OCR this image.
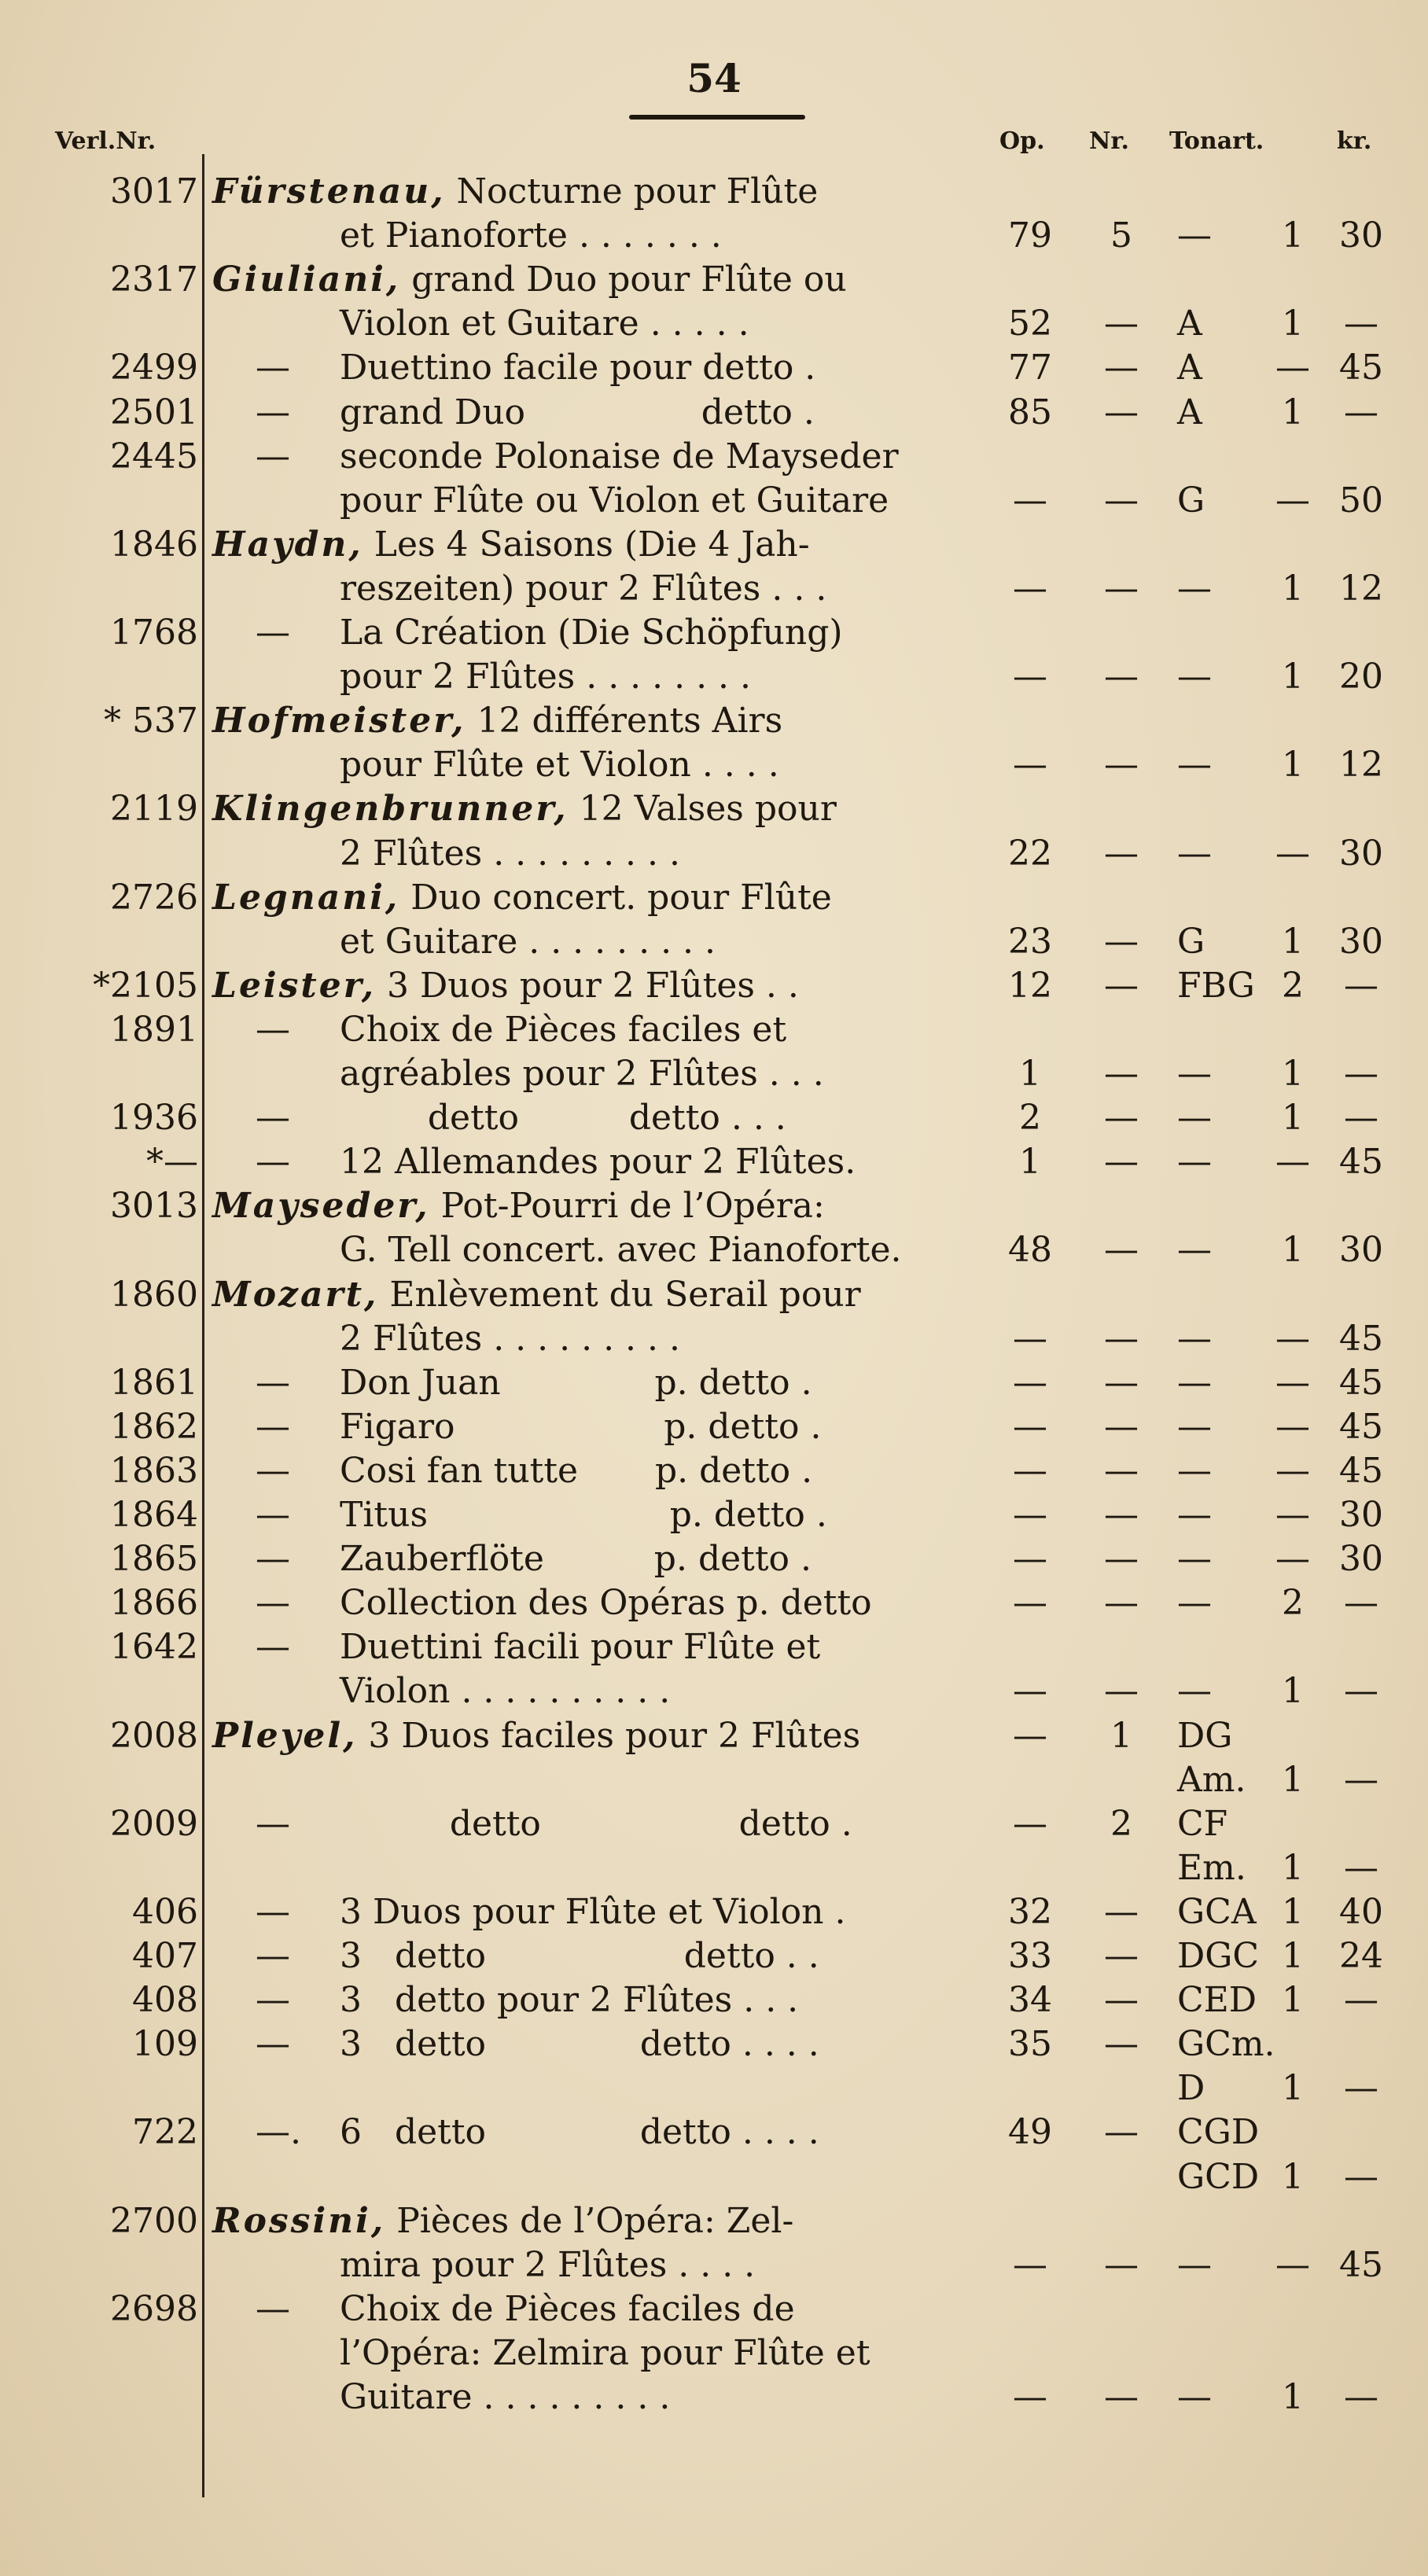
54
Verl.Nr.	Op. Nr. Tonart.	kr.
3017 Fürstenau, Nocturne pour Flûte
et Pianoforte . . . . . . .	79	5	—	1	30
2317 Giuliani, grand Duo pour Flûte ou
Violon et Guitare . . . . .	52	—	A	1	—
2499 — Duettino facile pour detto .	77	—	A	— 45
2501 — grand Duo                detto .	85	—	A	1	—
2445 — seconde Polonaise de Mayseder
pour Flûte ou Violon et Guitare	—	—	G	— 50
1846 Haydn, Les 4 Saisons (Die 4 Jah-
reszeiten) pour 2 Flûtes . . .	—	—	—	1	12
1768 — La Création (Die Schöpfung)
pour 2 Flûtes . . . . . . . .	—	—	—	1	20
* 537 Hofmeister, 12 différents Airs
pour Flûte et Violon . . . .	—	—	—	1	12
2119 Klingenbrunner, 12 Valses pour
2 Flûtes . . . . . . . . .	22	—	—	— 30
2726 Legnani, Duo concert. pour Flûte
et Guitare . . . . . . . . .	23	—	G	1	30
*2105 Leister, 3 Duos pour 2 Flûtes . .	12	—	FBG 2	—
1891 — Choix de Pièces faciles et
agréables pour 2 Flûtes . . .	1	—	—	1	—
1936 — detto          detto . . .	2	—	—	1	—
*— — 12 Allemandes pour 2 Flûtes.	1	—	—	— 45
3013 Mayseder, Pot-Pourri de l’Opéra:
G. Tell concert. avec Pianoforte.	48	—	—	1	30
1860 Mozart, Enlèvement du Serail pour
2 Flûtes . . . . . . . . .	—	—	—	— 45
1861 — Don Juan              p. detto .	—	—	—	— 45
1862 — Figaro                   p. detto .	—	—	—	— 45
1863 — Cosi fan tutte       p. detto .	—	—	—	— 45
1864 — Titus                      p. detto .	—	—	—	— 30
1865 — Zauberflöte          p. detto .	—	—	—	— 30
1866 — Collection des Opéras p. detto	—	—	—	2	—
1642 — Duettini facili pour Flûte et
Violon . . . . . . . . . .	—	—	—	1	—
2008 Pleyel, 3 Duos faciles pour 2 Flûtes	—	1	DG
Am.	1	—
2009 — detto                  detto .	—	2	CF
Em.	1	—
406 — 3 Duos pour Flûte et Violon .	32	—	GCA 1	40
407 — 3   detto                  detto . .	33	—	DGC 1	24
408 — 3   detto pour 2 Flûtes . . .	34	—	CED 1	—
109 — 3   detto              detto . . . .	35	—	GCm.
D	1	—
722 —. 6   detto              detto . . . .	49	—	CGD
GCD 1	—
2700 Rossini, Pièces de l’Opéra: Zel-
mira pour 2 Flûtes . . . .	—	—	—	— 45
2698 — Choix de Pièces faciles de
l’Opéra: Zelmira pour Flûte et
Guitare . . . . . . . . .	—	—	—	1	—
